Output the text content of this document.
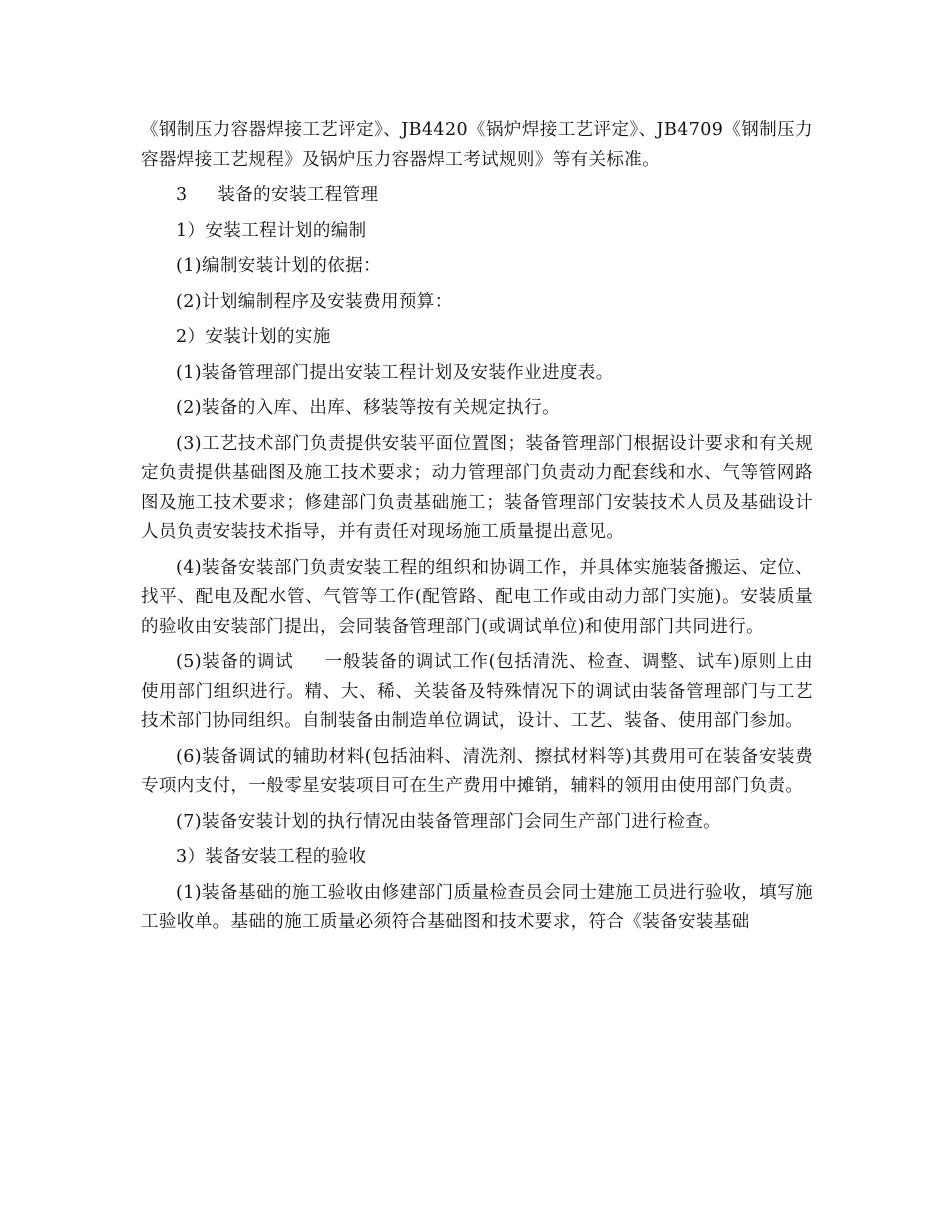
《钢制压力容器焊接工艺评定》、JB4420《锅炉焊接工艺评定》、JB4709《钢制压力容器焊接工艺规程》及锅炉压力容器焊工考试规则》等有关标准。

3     装备的安装工程管理

1）安装工程计划的编制

(1)编制安装计划的依据：

(2)计划编制程序及安装费用预算：

2）安装计划的实施

(1)装备管理部门提出安装工程计划及安装作业进度表。

(2)装备的入库、出库、移装等按有关规定执行。

(3)工艺技术部门负责提供安装平面位置图；装备管理部门根据设计要求和有关规定负责提供基础图及施工技术要求；动力管理部门负责动力配套线和水、气等管网路图及施工技术要求；修建部门负责基础施工；装备管理部门安装技术人员及基础设计人员负责安装技术指导，并有责任对现场施工质量提出意见。

(4)装备安装部门负责安装工程的组织和协调工作，并具体实施装备搬运、定位、找平、配电及配水管、气管等工作(配管路、配电工作或由动力部门实施)。安装质量的验收由安装部门提出，会同装备管理部门(或调试单位)和使用部门共同进行。

(5)装备的调试     一般装备的调试工作(包括清洗、检查、调整、试车)原则上由使用部门组织进行。精、大、稀、关装备及特殊情况下的调试由装备管理部门与工艺技术部门协同组织。自制装备由制造单位调试，设计、工艺、装备、使用部门参加。

(6)装备调试的辅助材料(包括油料、清洗剂、擦拭材料等)其费用可在装备安装费专项内支付，一般零星安装项目可在生产费用中摊销，辅料的领用由使用部门负责。

(7)装备安装计划的执行情况由装备管理部门会同生产部门进行检查。

3）装备安装工程的验收

(1)装备基础的施工验收由修建部门质量检查员会同士建施工员进行验收，填写施工验收单。基础的施工质量必须符合基础图和技术要求，符合《装备安装基础
